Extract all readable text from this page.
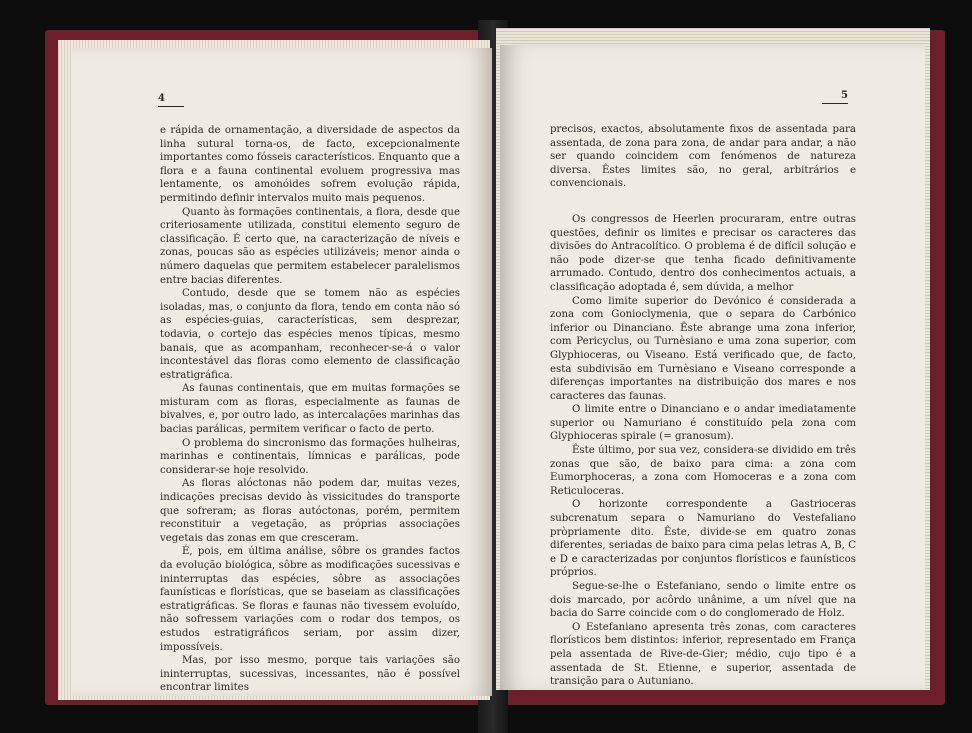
4

e rápida de ornamentação, a diversidade de aspectos da linha sutural torna-os, de facto, excepcionalmente importantes como fósseis característicos. Enquanto que a flora e a fauna continental evoluem progressiva mas lentamente, os amonóides sofrem evolução rápida, permitindo definir intervalos muito mais pequenos.

Quanto às formações continentais, a flora, desde que criteriosamente utilizada, constitui elemento seguro de classificação. É certo que, na caracterização de níveis e zonas, poucas são as espécies utilizáveis; menor ainda o número daquelas que permitem estabelecer paralelismos entre bacias diferentes.

Contudo, desde que se tomem não as espécies isoladas, mas, o conjunto da flora, tendo em conta não só as espécies-guias, características, sem desprezar, todavia, o cortejo das espécies menos típicas, mesmo banais, que as acompanham, reconhecer-se-á o valor incontestável das floras como elemento de classificação estratigráfica.

As faunas continentais, que em muitas formações se misturam com as floras, especialmente as faunas de bivalves, e, por outro lado, as intercalações marinhas das bacias parálicas, permitem verificar o facto de perto.

O problema do sincronismo das formações hulheiras, marinhas e continentais, límnicas e parálicas, pode considerar-se hoje resolvido.

As floras alóctonas não podem dar, muitas vezes, indicações precisas devido às vissicitudes do transporte que sofreram; as floras autóctonas, porém, permitem reconstituir a vegetação, as próprias associações vegetais das zonas em que cresceram.

É, pois, em última análise, sôbre os grandes factos da evolução biológica, sôbre as modificações sucessivas e ininterruptas das espécies, sôbre as associações faunísticas e florísticas, que se baseiam as classificações estratigráficas. Se floras e faunas não tivessem evoluído, não sofressem variações com o rodar dos tempos, os estudos estratigráficos seriam, por assim dizer, impossíveis.

Mas, por isso mesmo, porque tais variações são ininterruptas, sucessivas, incessantes, não é possível encontrar limites

5

precisos, exactos, absolutamente fixos de assentada para assentada, de zona para zona, de andar para andar, a não ser quando coincidem com fenómenos de natureza diversa. Êstes limites são, no geral, arbitrários e convencionais.

Os congressos de Heerlen procuraram, entre outras questões, definir os limites e precisar os caracteres das divisões do Antracolítico. O problema é de difícil solução e não pode dizer-se que tenha ficado definitivamente arrumado. Contudo, dentro dos conhecimentos actuais, a classificação adoptada é, sem dúvida, a melhor

Como limite superior do Devónico é considerada a zona com Gonioclymenia, que o separa do Carbónico inferior ou Dinanciano. Êste abrange uma zona inferior, com Pericyclus, ou Turnèsiano e uma zona superior, com Glyphioceras, ou Viseano. Está verificado que, de facto, esta subdivisão em Turnèsiano e Viseano corresponde a diferenças importantes na distribuição dos mares e nos caracteres das faunas.

O limite entre o Dinanciano e o andar imediatamente superior ou Namuriano é constituído pela zona com Glyphioceras spirale (= granosum).

Êste último, por sua vez, considera-se dividido em três zonas que são, de baixo para cima: a zona com Eumorphoceras, a zona com Homoceras e a zona com Reticuloceras.

O horizonte correspondente a Gastrioceras subcrenatum separa o Namuriano do Vestefaliano pròpriamente dito. Êste, divide-se em quatro zonas diferentes, seriadas de baixo para cima pelas letras A, B, C e D e caracterizadas por conjuntos florísticos e faunísticos próprios.

Segue-se-lhe o Estefaniano, sendo o limite entre os dois marcado, por acôrdo unânime, a um nível que na bacia do Sarre coincide com o do conglomerado de Holz.

O Estefaniano apresenta três zonas, com caracteres florísticos bem distintos: inferior, representado em França pela assentada de Rive-de-Gier; médio, cujo tipo é a assentada de St. Etienne, e superior, assentada de transição para o Autuniano.
